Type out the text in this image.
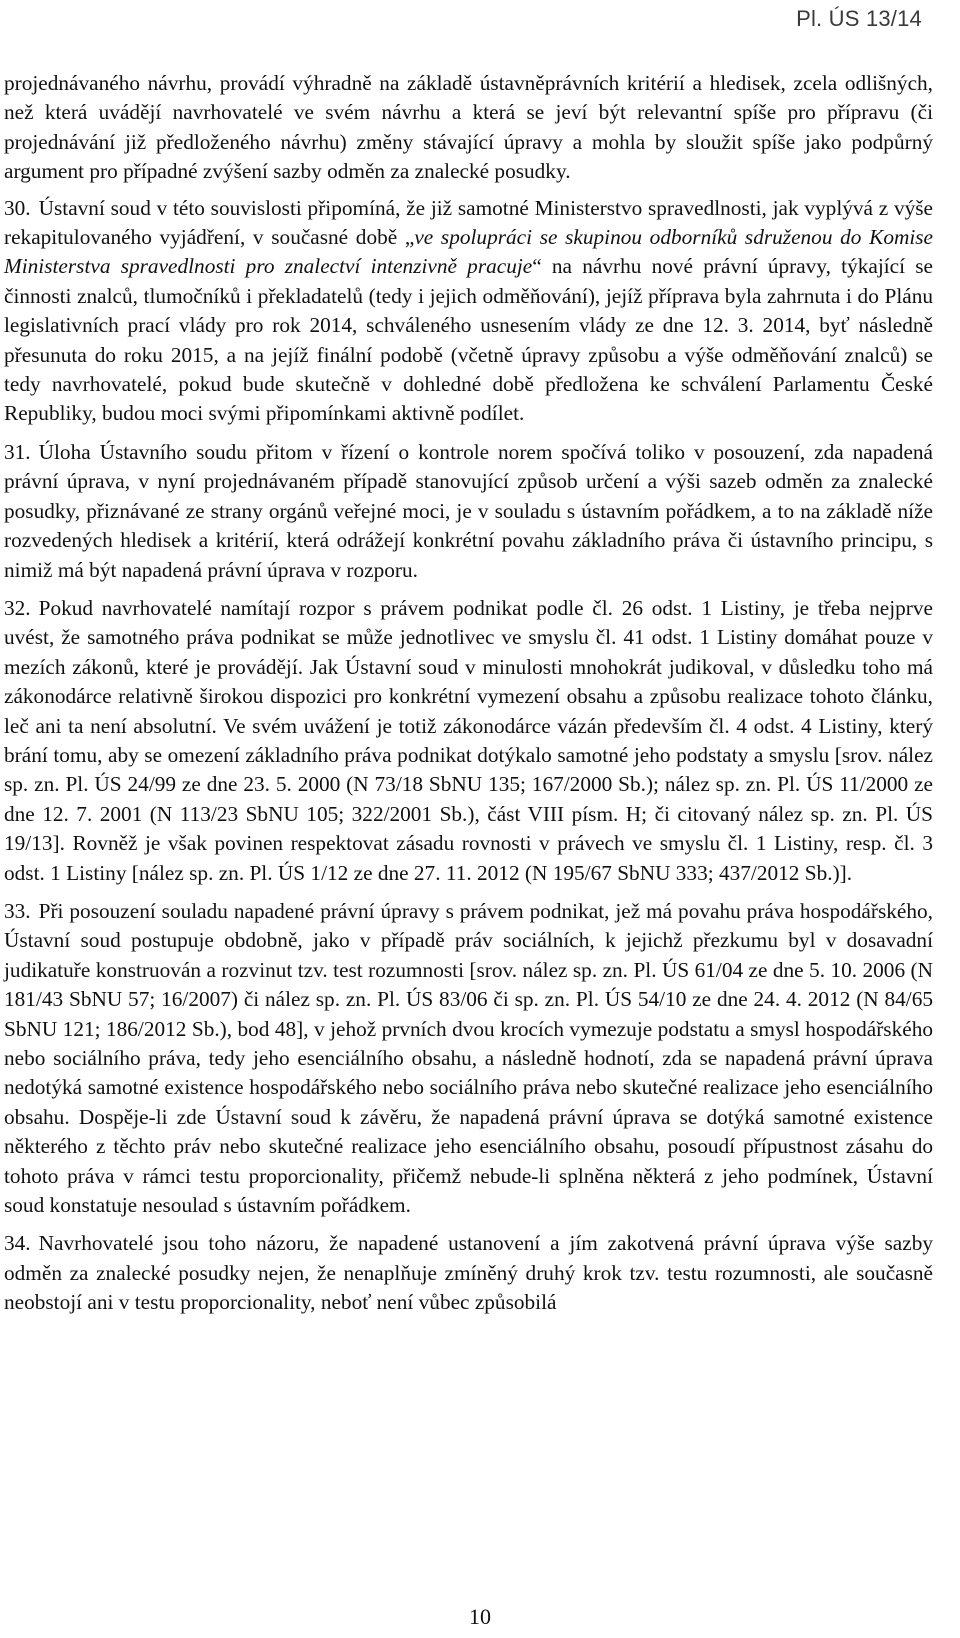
Pl. ÚS 13/14

projednávaného návrhu, provádí výhradně na základě ústavněprávních kritérií a hledisek, zcela odlišných, než která uvádějí navrhovatelé ve svém návrhu a která se jeví být relevantní spíše pro přípravu (či projednávání již předloženého návrhu) změny stávající úpravy a mohla by sloužit spíše jako podpůrný argument pro případné zvýšení sazby odměn za znalecké posudky.

30. Ústavní soud v této souvislosti připomíná, že již samotné Ministerstvo spravedlnosti, jak vyplývá z výše rekapitulovaného vyjádření, v současné době „ve spolupráci se skupinou odborníků sdruženou do Komise Ministerstva spravedlnosti pro znalectví intenzivně pracuje“ na návrhu nové právní úpravy, týkající se činnosti znalců, tlumočníků i překladatelů (tedy i jejich odměňování), jejíž příprava byla zahrnuta i do Plánu legislativních prací vlády pro rok 2014, schváleného usnesením vlády ze dne 12. 3. 2014, byť následně přesunuta do roku 2015, a na jejíž finální podobě (včetně úpravy způsobu a výše odměňování znalců) se tedy navrhovatelé, pokud bude skutečně v dohledné době předložena ke schválení Parlamentu České Republiky, budou moci svými připomínkami aktivně podílet.

31. Úloha Ústavního soudu přitom v řízení o kontrole norem spočívá toliko v posouzení, zda napadená právní úprava, v nyní projednávaném případě stanovující způsob určení a výši sazeb odměn za znalecké posudky, přiznávané ze strany orgánů veřejné moci, je v souladu s ústavním pořádkem, a to na základě níže rozvedených hledisek a kritérií, která odrážejí konkrétní povahu základního práva či ústavního principu, s nimiž má být napadená právní úprava v rozporu.

32. Pokud navrhovatelé namítají rozpor s právem podnikat podle čl. 26 odst. 1 Listiny, je třeba nejprve uvést, že samotného práva podnikat se může jednotlivec ve smyslu čl. 41 odst. 1 Listiny domáhat pouze v mezích zákonů, které je provádějí. Jak Ústavní soud v minulosti mnohokrát judikoval, v důsledku toho má zákonodárce relativně širokou dispozici pro konkrétní vymezení obsahu a způsobu realizace tohoto článku, leč ani ta není absolutní. Ve svém uvážení je totiž zákonodárce vázán především čl. 4 odst. 4 Listiny, který brání tomu, aby se omezení základního práva podnikat dotýkalo samotné jeho podstaty a smyslu [srov. nález sp. zn. Pl. ÚS 24/99 ze dne 23. 5. 2000 (N 73/18 SbNU 135; 167/2000 Sb.); nález sp. zn. Pl. ÚS 11/2000 ze dne 12. 7. 2001 (N 113/23 SbNU 105; 322/2001 Sb.), část VIII písm. H; či citovaný nález sp. zn. Pl. ÚS 19/13]. Rovněž je však povinen respektovat zásadu rovnosti v právech ve smyslu čl. 1 Listiny, resp. čl. 3 odst. 1 Listiny [nález sp. zn. Pl. ÚS 1/12 ze dne 27. 11. 2012 (N 195/67 SbNU 333; 437/2012 Sb.)].

33. Při posouzení souladu napadené právní úpravy s právem podnikat, jež má povahu práva hospodářského, Ústavní soud postupuje obdobně, jako v případě práv sociálních, k jejichž přezkumu byl v dosavadní judikatuře konstruován a rozvinut tzv. test rozumnosti [srov. nález sp. zn. Pl. ÚS 61/04 ze dne 5. 10. 2006 (N 181/43 SbNU 57; 16/2007) či nález sp. zn. Pl. ÚS 83/06 či sp. zn. Pl. ÚS 54/10 ze dne 24. 4. 2012 (N 84/65 SbNU 121; 186/2012 Sb.), bod 48], v jehož prvních dvou krocích vymezuje podstatu a smysl hospodářského nebo sociálního práva, tedy jeho esenciálního obsahu, a následně hodnotí, zda se napadená právní úprava nedotýká samotné existence hospodářského nebo sociálního práva nebo skutečné realizace jeho esenciálního obsahu. Dospěje-li zde Ústavní soud k závěru, že napadená právní úprava se dotýká samotné existence některého z těchto práv nebo skutečné realizace jeho esenciálního obsahu, posoudí přípustnost zásahu do tohoto práva v rámci testu proporcionality, přičemž nebude-li splněna některá z jeho podmínek, Ústavní soud konstatuje nesoulad s ústavním pořádkem.

34. Navrhovatelé jsou toho názoru, že napadené ustanovení a jím zakotvená právní úprava výše sazby odměn za znalecké posudky nejen, že nenaplňuje zmíněný druhý krok tzv. testu rozumnosti, ale současně neobstojí ani v testu proporcionality, neboť není vůbec způsobilá

10
